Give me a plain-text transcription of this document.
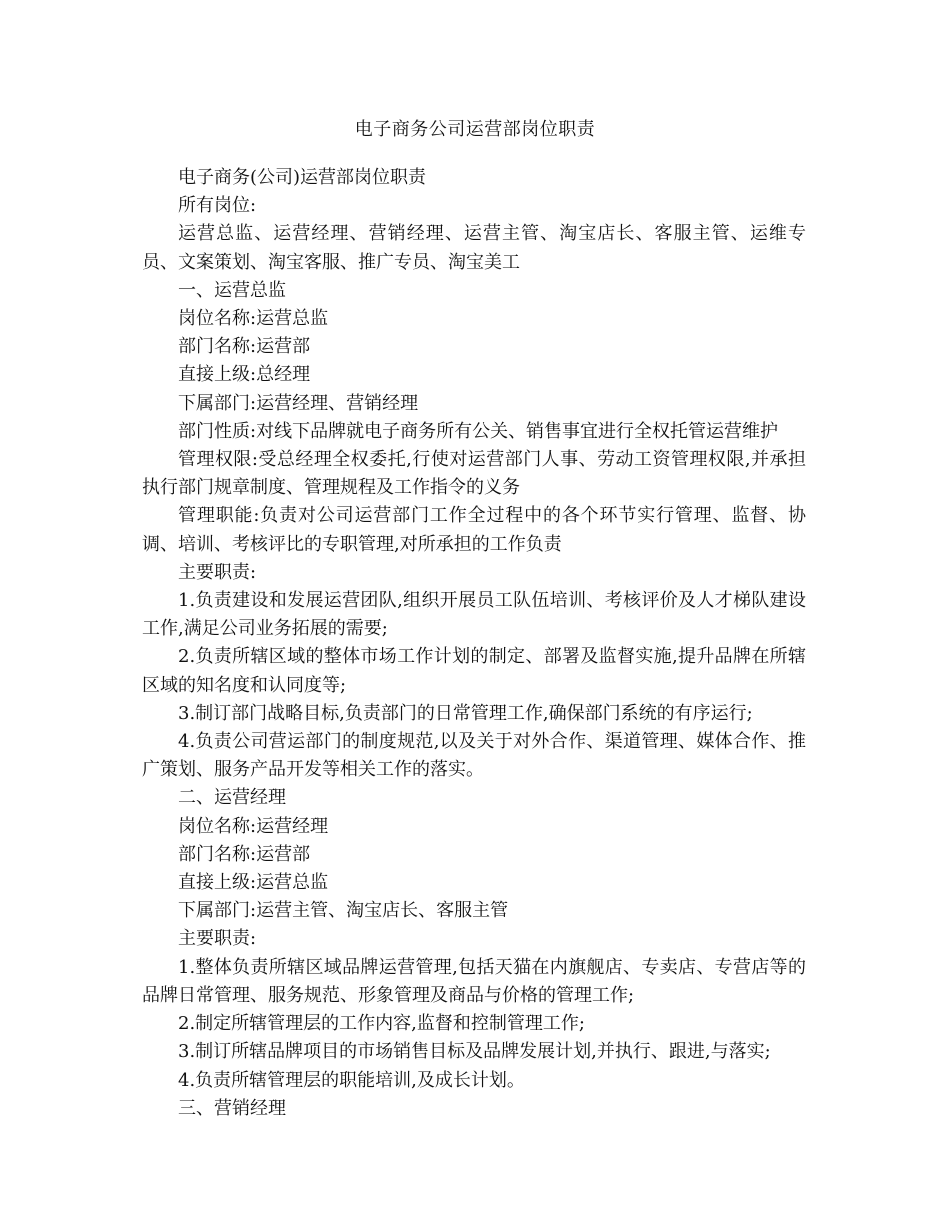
电子商务公司运营部岗位职责

电子商务(公司)运营部岗位职责

所有岗位:

运营总监、运营经理、营销经理、运营主管、淘宝店长、客服主管、运维专员、文案策划、淘宝客服、推广专员、淘宝美工

一、运营总监

岗位名称:运营总监

部门名称:运营部

直接上级:总经理

下属部门:运营经理、营销经理

部门性质:对线下品牌就电子商务所有公关、销售事宜进行全权托管运营维护

管理权限:受总经理全权委托,行使对运营部门人事、劳动工资管理权限,并承担执行部门规章制度、管理规程及工作指令的义务

管理职能:负责对公司运营部门工作全过程中的各个环节实行管理、监督、协调、培训、考核评比的专职管理,对所承担的工作负责

主要职责:

1.负责建设和发展运营团队,组织开展员工队伍培训、考核评价及人才梯队建设工作,满足公司业务拓展的需要;

2.负责所辖区域的整体市场工作计划的制定、部署及监督实施,提升品牌在所辖区域的知名度和认同度等;

3.制订部门战略目标,负责部门的日常管理工作,确保部门系统的有序运行;

4.负责公司营运部门的制度规范,以及关于对外合作、渠道管理、媒体合作、推广策划、服务产品开发等相关工作的落实。

二、运营经理

岗位名称:运营经理

部门名称:运营部

直接上级:运营总监

下属部门:运营主管、淘宝店长、客服主管

主要职责:

1.整体负责所辖区域品牌运营管理,包括天猫在内旗舰店、专卖店、专营店等的品牌日常管理、服务规范、形象管理及商品与价格的管理工作;

2.制定所辖管理层的工作内容,监督和控制管理工作;

3.制订所辖品牌项目的市场销售目标及品牌发展计划,并执行、跟进,与落实;

4.负责所辖管理层的职能培训,及成长计划。

三、营销经理
